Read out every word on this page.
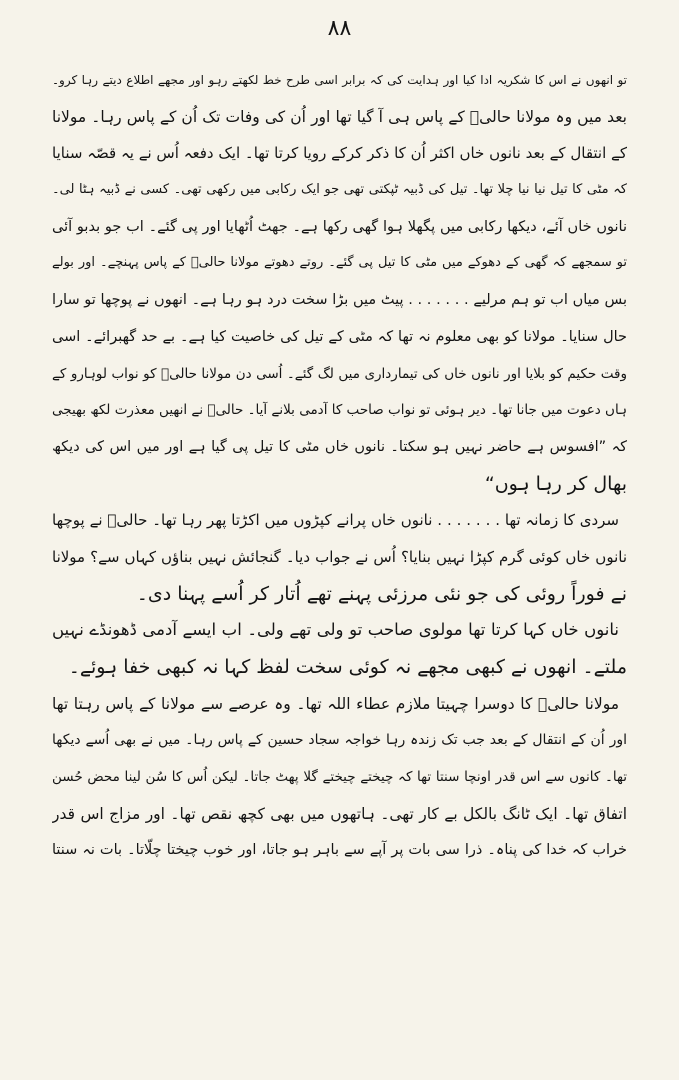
۸۸
تو انھوں نے اس کا شکریہ ادا کیا اور ہدایت کی کہ برابر اسی طرح خط لکھتے رہو اور مجھے اطلاع دیتے رہا کرو۔
بعد میں وہ مولانا حالیؔ کے پاس ہی آ گیا تھا اور اُن کی وفات تک اُن کے پاس رہا۔ مولانا
کے انتقال کے بعد نانوں خاں اکثر اُن کا ذکر کرکے رویا کرتا تھا۔ ایک دفعہ اُس نے یہ قصّہ سنایا
کہ مٹی کا تیل نیا نیا چلا تھا۔ تیل کی ڈبیہ ٹپکتی تھی جو ایک رکابی میں رکھی تھی۔ کسی نے ڈبیہ ہٹا لی۔
نانوں خاں آئے، دیکھا رکابی میں پگھلا ہوا گھی رکھا ہے۔ جھٹ اُٹھایا اور پی گئے۔ اب جو بدبو آئی
تو سمجھے کہ گھی کے دھوکے میں مٹی کا تیل پی گئے۔ روتے دھوتے مولانا حالیؔ کے پاس پہنچے۔ اور بولے
بس میاں اب تو ہم مرلیے . . . . . . . پیٹ میں بڑا سخت درد ہو رہا ہے۔ انھوں نے پوچھا تو سارا
حال سنایا۔ مولانا کو بھی معلوم نہ تھا کہ مٹی کے تیل کی خاصیت کیا ہے۔ بے حد گھبرائے۔ اسی
وقت حکیم کو بلایا اور نانوں خاں کی تیمارداری میں لگ گئے۔ اُسی دن مولانا حالیؔ کو نواب لوہارو کے
ہاں دعوت میں جانا تھا۔ دیر ہوئی تو نواب صاحب کا آدمی بلانے آیا۔ حالیؔ نے انھیں معذرت لکھ بھیجی
کہ ”افسوس ہے حاضر نہیں ہو سکتا۔ نانوں خاں مٹی کا تیل پی گیا ہے اور میں اس کی دیکھ
بھال کر رہا ہوں“
سردی کا زمانہ تھا . . . . . . . نانوں خاں پرانے کپڑوں میں اکڑتا پھر رہا تھا۔ حالیؔ نے پوچھا
نانوں خاں کوئی گرم کپڑا نہیں بنایا؟ اُس نے جواب دیا۔ گنجائش نہیں بناؤں کہاں سے؟ مولانا
نے فوراً روئی کی جو نئی مرزئی پہنے تھے اُتار کر اُسے پہنا دی۔
نانوں خاں کہا کرتا تھا مولوی صاحب تو ولی تھے ولی۔ اب ایسے آدمی ڈھونڈے نہیں
ملتے۔ انھوں نے کبھی مجھے نہ کوئی سخت لفظ کہا نہ کبھی خفا ہوئے۔
مولانا حالیؔ کا دوسرا چہیتا ملازم عطاء اللہ تھا۔ وہ عرصے سے مولانا کے پاس رہتا تھا
اور اُن کے انتقال کے بعد جب تک زندہ رہا خواجہ سجاد حسین کے پاس رہا۔ میں نے بھی اُسے دیکھا
تھا۔ کانوں سے اس قدر اونچا سنتا تھا کہ چیختے چیختے گلا پھٹ جاتا۔ لیکن اُس کا سُن لینا محض حُسن
اتفاق تھا۔ ایک ٹانگ بالکل بے کار تھی۔ ہاتھوں میں بھی کچھ نقص تھا۔ اور مزاج اس قدر
خراب کہ خدا کی پناہ۔ ذرا سی بات پر آپے سے باہر ہو جاتا، اور خوب چیختا چلّاتا۔ بات نہ سنتا
